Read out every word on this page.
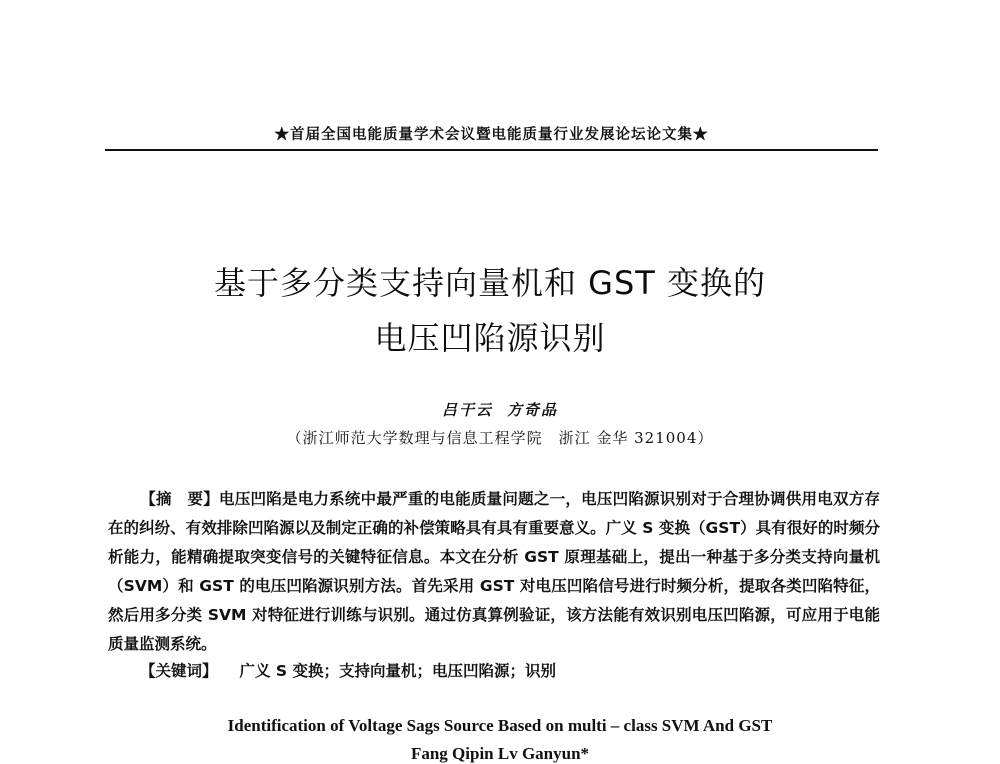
★首届全国电能质量学术会议暨电能质量行业发展论坛论文集★
基于多分类支持向量机和 GST 变换的
电压凹陷源识别
吕干云 方奇品
（浙江师范大学数理与信息工程学院　浙江 金华 321004）
【摘　要】电压凹陷是电力系统中最严重的电能质量问题之一，电压凹陷源识别对于合理协调供用电双方存在的纠纷、有效排除凹陷源以及制定正确的补偿策略具有具有重要意义。广义 S 变换（GST）具有很好的时频分析能力，能精确提取突变信号的关键特征信息。本文在分析 GST 原理基础上，提出一种基于多分类支持向量机（SVM）和 GST 的电压凹陷源识别方法。首先采用 GST 对电压凹陷信号进行时频分析，提取各类凹陷特征，然后用多分类 SVM 对特征进行训练与识别。通过仿真算例验证，该方法能有效识别电压凹陷源，可应用于电能质量监测系统。
【关键词】 广义 S 变换；支持向量机；电压凹陷源；识别
Identification of Voltage Sags Source Based on multi – class SVM And GST
Fang Qipin Lv Ganyun*
